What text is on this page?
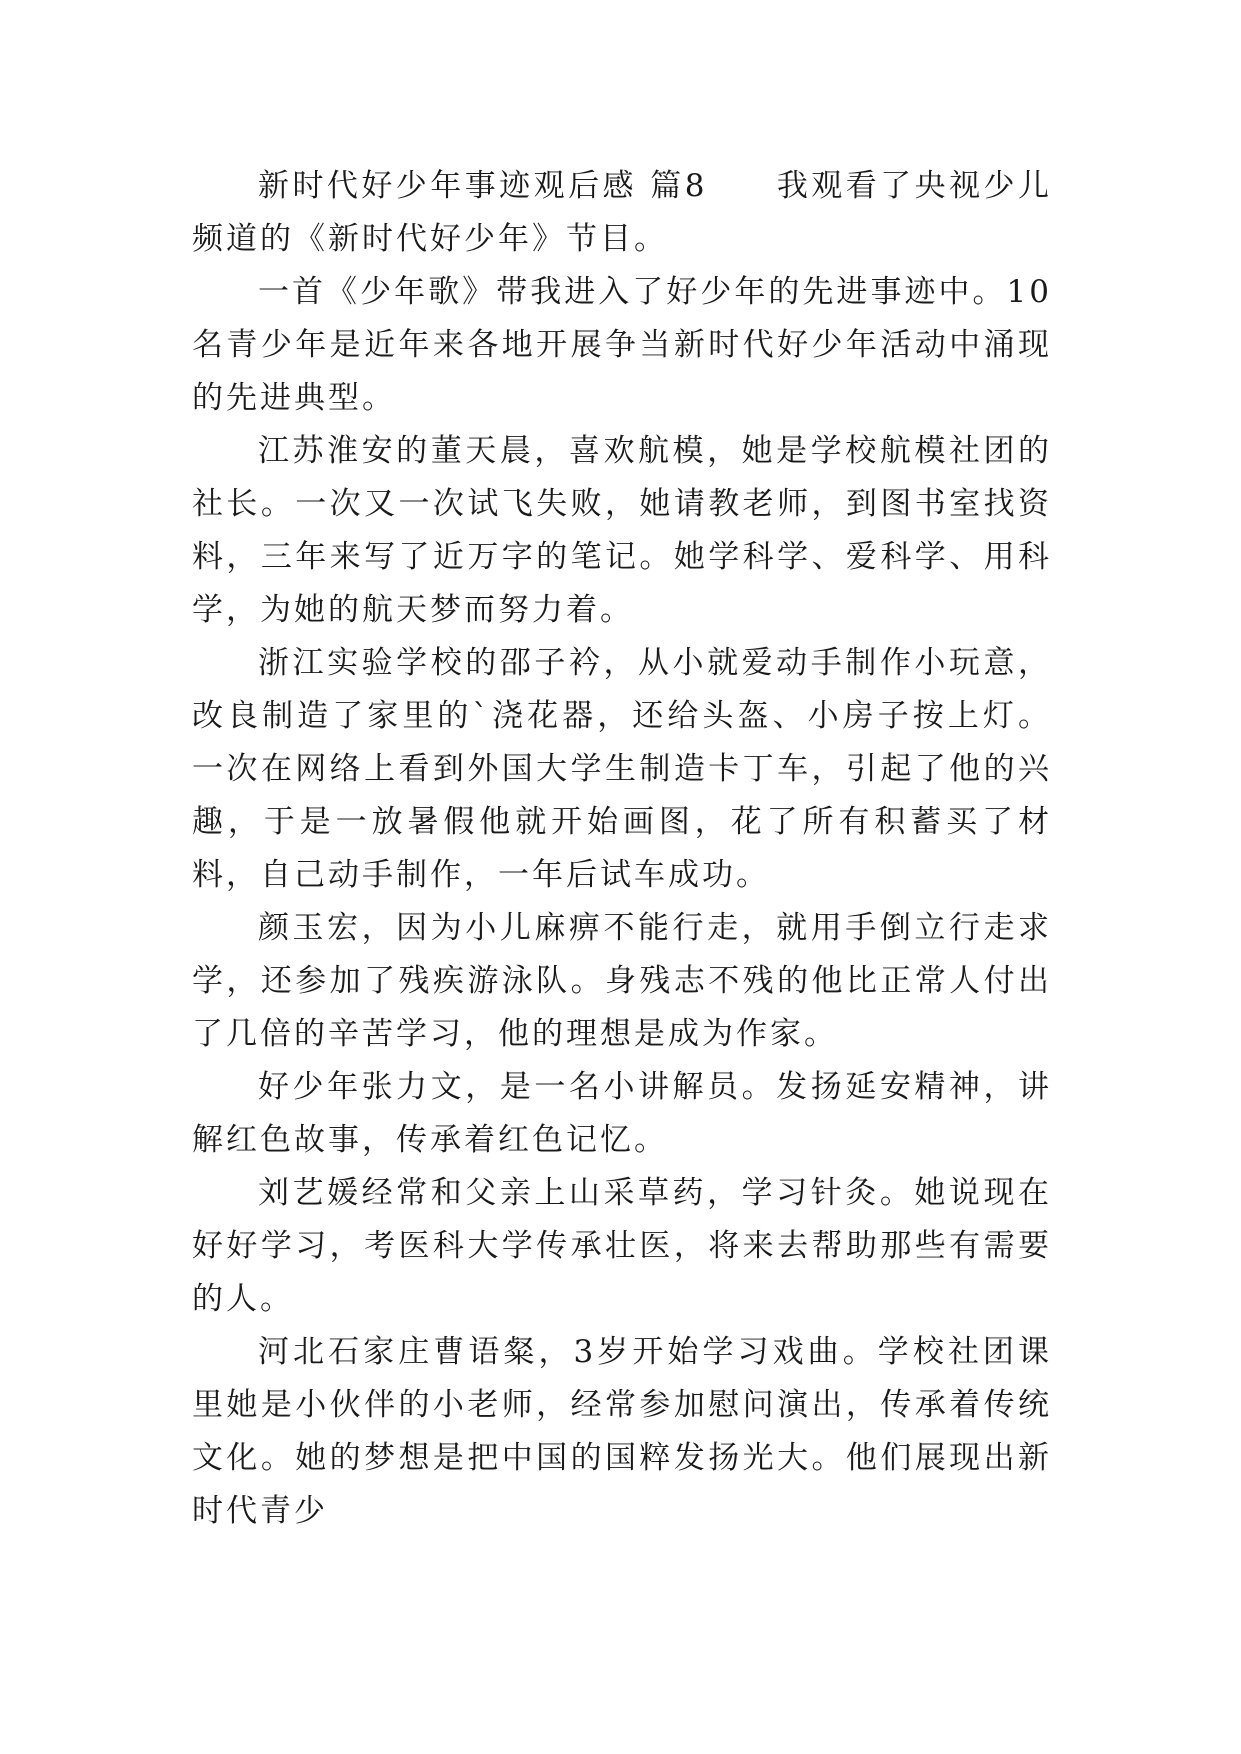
新时代好少年事迹观后感 篇8　　我观看了央视少儿频道的《新时代好少年》节目。

一首《少年歌》带我进入了好少年的先进事迹中。10名青少年是近年来各地开展争当新时代好少年活动中涌现的先进典型。

江苏淮安的董天晨，喜欢航模，她是学校航模社团的社长。一次又一次试飞失败，她请教老师，到图书室找资料，三年来写了近万字的笔记。她学科学、爱科学、用科学，为她的航天梦而努力着。

浙江实验学校的邵子衿，从小就爱动手制作小玩意，改良制造了家里的`浇花器，还给头盔、小房子按上灯。一次在网络上看到外国大学生制造卡丁车，引起了他的兴趣，于是一放暑假他就开始画图，花了所有积蓄买了材料，自己动手制作，一年后试车成功。

颜玉宏，因为小儿麻痹不能行走，就用手倒立行走求学，还参加了残疾游泳队。身残志不残的他比正常人付出了几倍的辛苦学习，他的理想是成为作家。

好少年张力文，是一名小讲解员。发扬延安精神，讲解红色故事，传承着红色记忆。

刘艺媛经常和父亲上山采草药，学习针灸。她说现在好好学习，考医科大学传承壮医，将来去帮助那些有需要的人。

河北石家庄曹语粲，3岁开始学习戏曲。学校社团课里她是小伙伴的小老师，经常参加慰问演出，传承着传统文化。她的梦想是把中国的国粹发扬光大。他们展现出新时代青少
